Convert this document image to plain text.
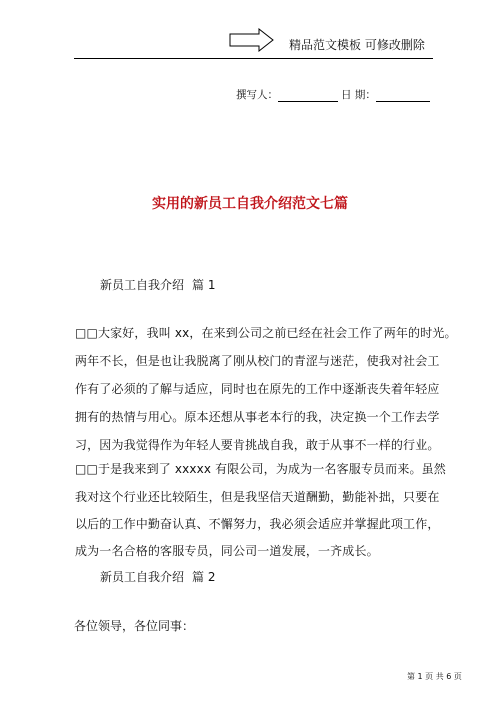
精品范文模板 可修改删除
撰写人：	日 期：
实用的新员工自我介绍范文七篇
新员工自我介绍 篇 1
□□大家好，我叫 xx，在来到公司之前已经在社会工作了两年的时光。
两年不长，但是也让我脱离了刚从校门的青涩与迷茫，使我对社会工
作有了必须的了解与适应，同时也在原先的工作中逐渐丧失着年轻应
拥有的热情与用心。原本还想从事老本行的我，决定换一个工作去学
习，因为我觉得作为年轻人要肯挑战自我，敢于从事不一样的行业。
□□于是我来到了 xxxxx 有限公司，为成为一名客服专员而来。虽然
我对这个行业还比较陌生，但是我坚信天道酬勤，勤能补拙，只要在
以后的工作中勤奋认真、不懈努力，我必须会适应并掌握此项工作，
成为一名合格的客服专员，同公司一道发展，一齐成长。
新员工自我介绍 篇 2
各位领导，各位同事：
第 1 页 共 6 页
